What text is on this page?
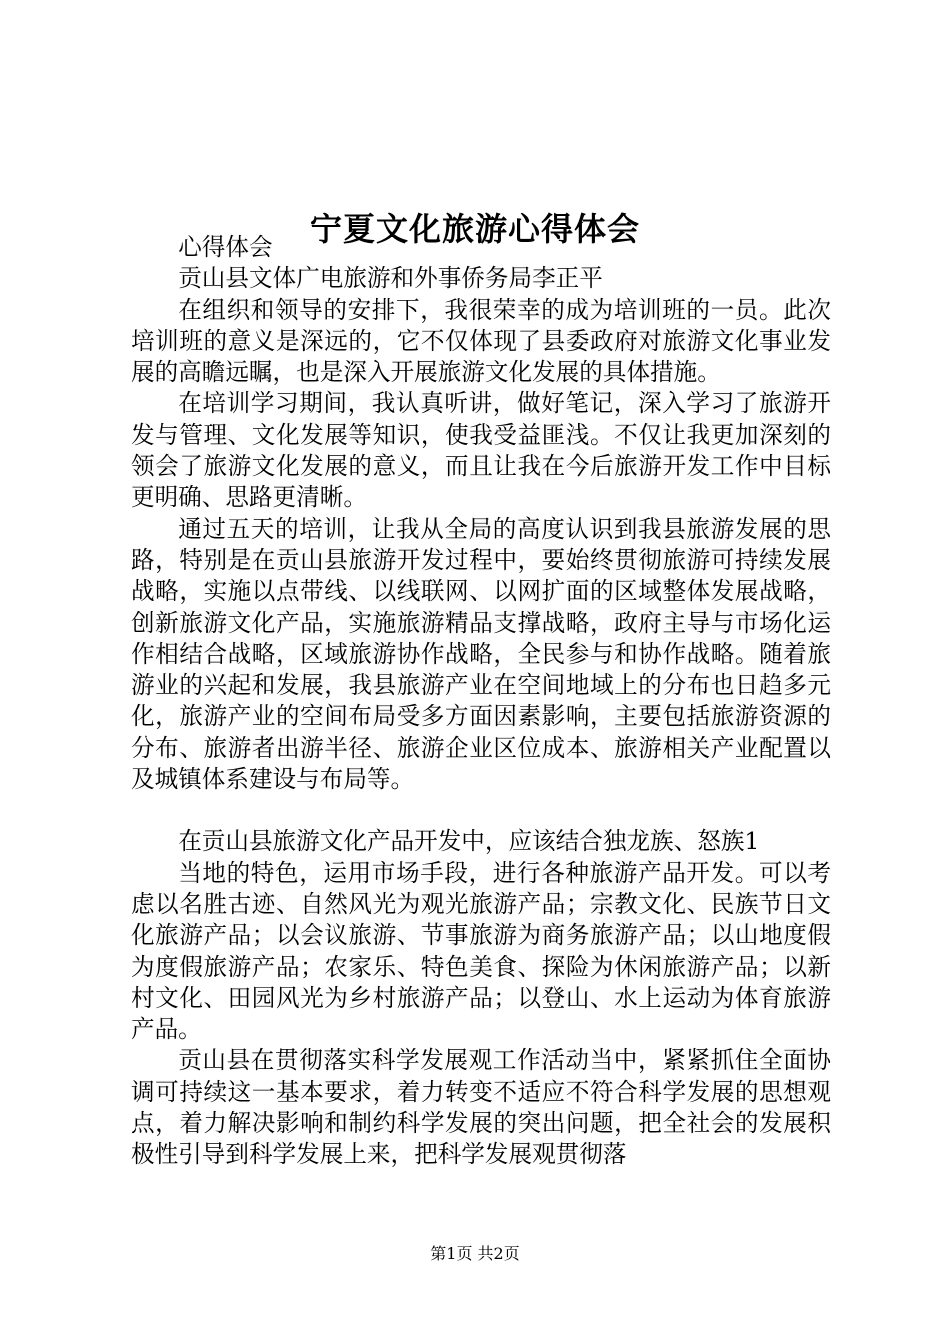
宁夏文化旅游心得体会

心得体会

贡山县文体广电旅游和外事侨务局李正平

在组织和领导的安排下，我很荣幸的成为培训班的一员。此次培训班的意义是深远的，它不仅体现了县委政府对旅游文化事业发展的高瞻远瞩，也是深入开展旅游文化发展的具体措施。

在培训学习期间，我认真听讲，做好笔记，深入学习了旅游开发与管理、文化发展等知识，使我受益匪浅。不仅让我更加深刻的领会了旅游文化发展的意义，而且让我在今后旅游开发工作中目标更明确、思路更清晰。

通过五天的培训，让我从全局的高度认识到我县旅游发展的思路，特别是在贡山县旅游开发过程中，要始终贯彻旅游可持续发展战略，实施以点带线、以线联网、以网扩面的区域整体发展战略，创新旅游文化产品，实施旅游精品支撑战略，政府主导与市场化运作相结合战略，区域旅游协作战略，全民参与和协作战略。随着旅游业的兴起和发展，我县旅游产业在空间地域上的分布也日趋多元化，旅游产业的空间布局受多方面因素影响，主要包括旅游资源的分布、旅游者出游半径、旅游企业区位成本、旅游相关产业配置以及城镇体系建设与布局等。

在贡山县旅游文化产品开发中，应该结合独龙族、怒族1

当地的特色，运用市场手段，进行各种旅游产品开发。可以考虑以名胜古迹、自然风光为观光旅游产品；宗教文化、民族节日文化旅游产品；以会议旅游、节事旅游为商务旅游产品；以山地度假为度假旅游产品；农家乐、特色美食、探险为休闲旅游产品；以新村文化、田园风光为乡村旅游产品；以登山、水上运动为体育旅游产品。

贡山县在贯彻落实科学发展观工作活动当中，紧紧抓住全面协调可持续这一基本要求，着力转变不适应不符合科学发展的思想观点，着力解决影响和制约科学发展的突出问题，把全社会的发展积极性引导到科学发展上来，把科学发展观贯彻落

第1页 共2页
